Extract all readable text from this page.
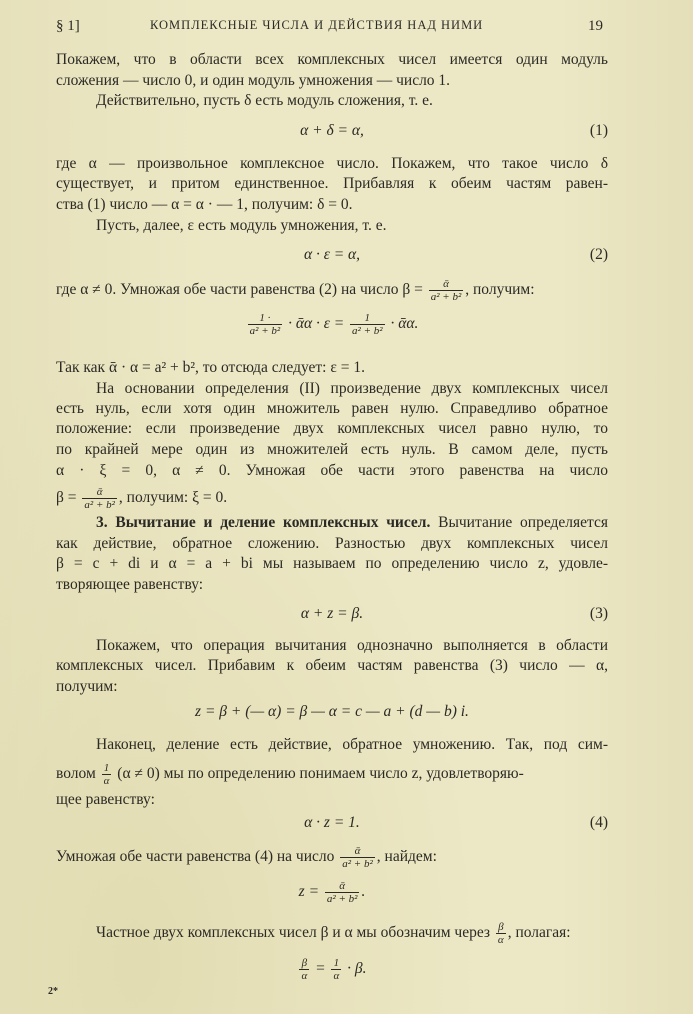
§ 1]	КОМПЛЕКСНЫЕ ЧИСЛА И ДЕЙСТВИЯ НАД НИМИ	19
Покажем, что в области всех комплексных чисел имеется один модуль
сложения — число 0, и один модуль умножения — число 1.
Действительно, пусть δ есть модуль сложения, т. е.
α + δ = α,	(1)
где α — произвольное комплексное число. Покажем, что такое число δ
существует, и притом единственное. Прибавляя к обеим частям равен-
ства (1) число — α = α · — 1, получим: δ = 0.
Пусть, далее, ε есть модуль умножения, т. е.
α · ε = α,	(2)
где α ≠ 0. Умножая обе части равенства (2) на число $\beta = \frac{\text{ᾱ}}{\text{a² + b²}}$ , получим:
$\frac{1 \cdot}{\text{a² + b²}}$ · ᾱα · $\varepsilon = \frac{1}{\text{a² + b²}}$ · ᾱα.
Так как ᾱ · α = a² + b², то отсюда следует: ε = 1.
На основании определения (II) произведение двух комплексных чисел
есть нуль, если хотя один множитель равен нулю. Справедливо обратное
положение: если произведение двух комплексных чисел равно нулю, то
по крайней мере один из множителей есть нуль. В самом деле, пусть
α · ξ = 0, α ≠ 0. Умножая обе части этого равенства на число
$\beta = \frac{\text{ᾱ}}{\text{a² + b²}}$ , получим: ξ = 0.
3. Вычитание и деление комплексных чисел. Вычитание определяется
как действие, обратное сложению. Разностью двух комплексных чисел
β = c + di и α = a + bi мы называем по определению число z, удовле-
творяющее равенству:
α + z = β.	(3)
Покажем, что операция вычитания однозначно выполняется в области
комплексных чисел. Прибавим к обеим частям равенства (3) число — α,
получим:
z = β + (— α) = β — α = c — a + (d — b) i.
Наконец, деление есть действие, обратное умножению. Так, под сим-
волом $\frac{1}{\alpha} (\alpha \ne 0)$ мы по определению понимаем число z, удовлетворяю-
щее равенству:
α · z = 1.	(4)
Умножая обе части равенства (4) на число $\frac{\text{ᾱ}}{\text{a² + b²}}$ , найдем:
$z = \frac{\text{ᾱ}}{\text{a² + b²}}$ .
Частное двух комплексных чисел β и α мы обозначим через $\frac{\beta}{\alpha}$ , полагая:
$\frac{\beta}{\alpha} = \frac{1}{\alpha} \cdot \beta$.
2*
